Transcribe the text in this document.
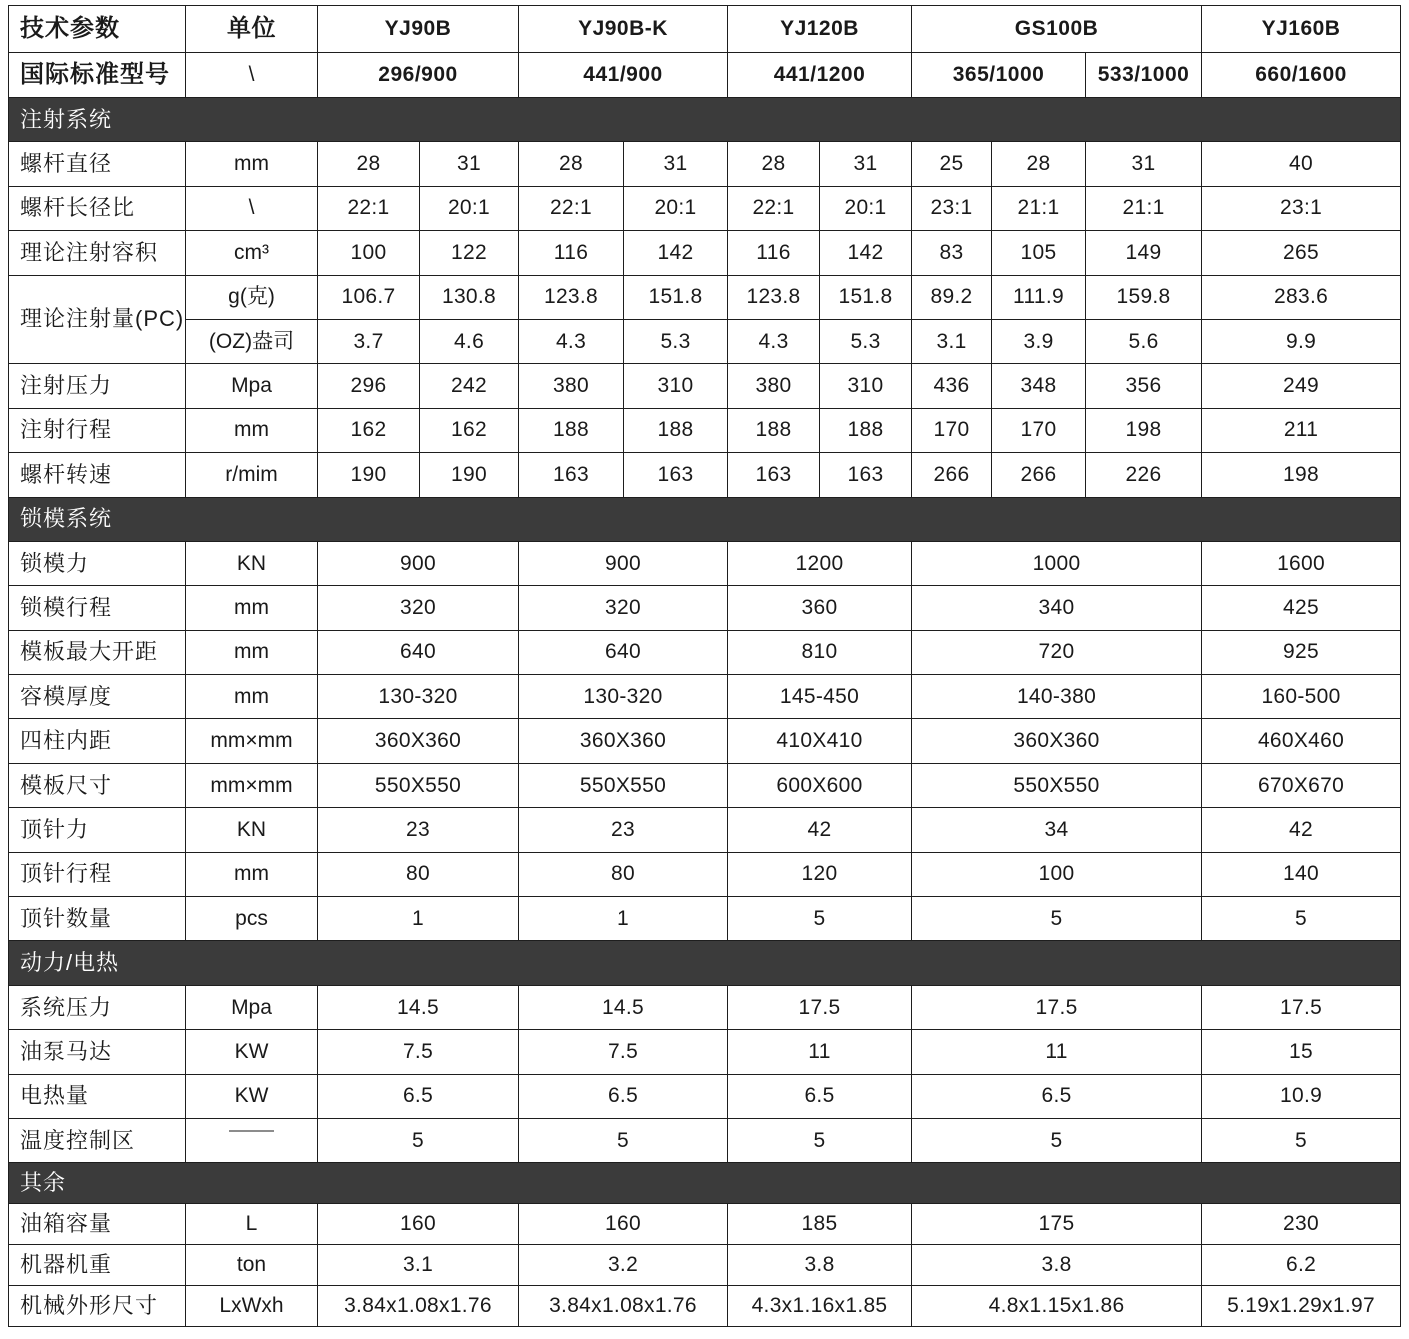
技术参数	单位	YJ90B		YJ90B-K		YJ120B		GS100B			YJ160B
国际标准型号	\	296/900		441/900		441/1200		365/1000		533/1000	660/1600
注射系统											
螺杆直径	mm	28	31	28	31	28	31	25	28	31	40
螺杆长径比	\	22:1	20:1	22:1	20:1	22:1	20:1	23:1	21:1	21:1	23:1
理论注射容积	cm³	100	122	116	142	116	142	83	105	149	265
理论注射量(PC)	g(克)	106.7	130.8	123.8	151.8	123.8	151.8	89.2	111.9	159.8	283.6
	(OZ)盎司	3.7	4.6	4.3	5.3	4.3	5.3	3.1	3.9	5.6	9.9
注射压力	Mpa	296	242	380	310	380	310	436	348	356	249
注射行程	mm	162	162	188	188	188	188	170	170	198	211
螺杆转速	r/mim	190	190	163	163	163	163	266	266	226	198
锁模系统											
锁模力	KN	900		900		1200		1000			1600
锁模行程	mm	320		320		360		340			425
模板最大开距	mm	640		640		810		720			925
容模厚度	mm	130-320		130-320		145-450		140-380			160-500
四柱内距	mm×mm	360X360		360X360		410X410		360X360			460X460
模板尺寸	mm×mm	550X550		550X550		600X600		550X550			670X670
顶针力	KN	23		23		42		34			42
顶针行程	mm	80		80		120		100			140
顶针数量	pcs	1		1		5		5			5
动力/电热											
系统压力	Mpa	14.5		14.5		17.5		17.5			17.5
油泵马达	KW	7.5		7.5		11		11			15
电热量	KW	6.5		6.5		6.5		6.5			10.9
温度控制区	———	5		5		5		5			5
其余											
油箱容量	L	160		160		185		175			230
机器机重	ton	3.1		3.2		3.8		3.8			6.2
机械外形尺寸	LxWxh	3.84x1.08x1.76		3.84x1.08x1.76		4.3x1.16x1.85		4.8x1.15x1.86			5.19x1.29x1.97
